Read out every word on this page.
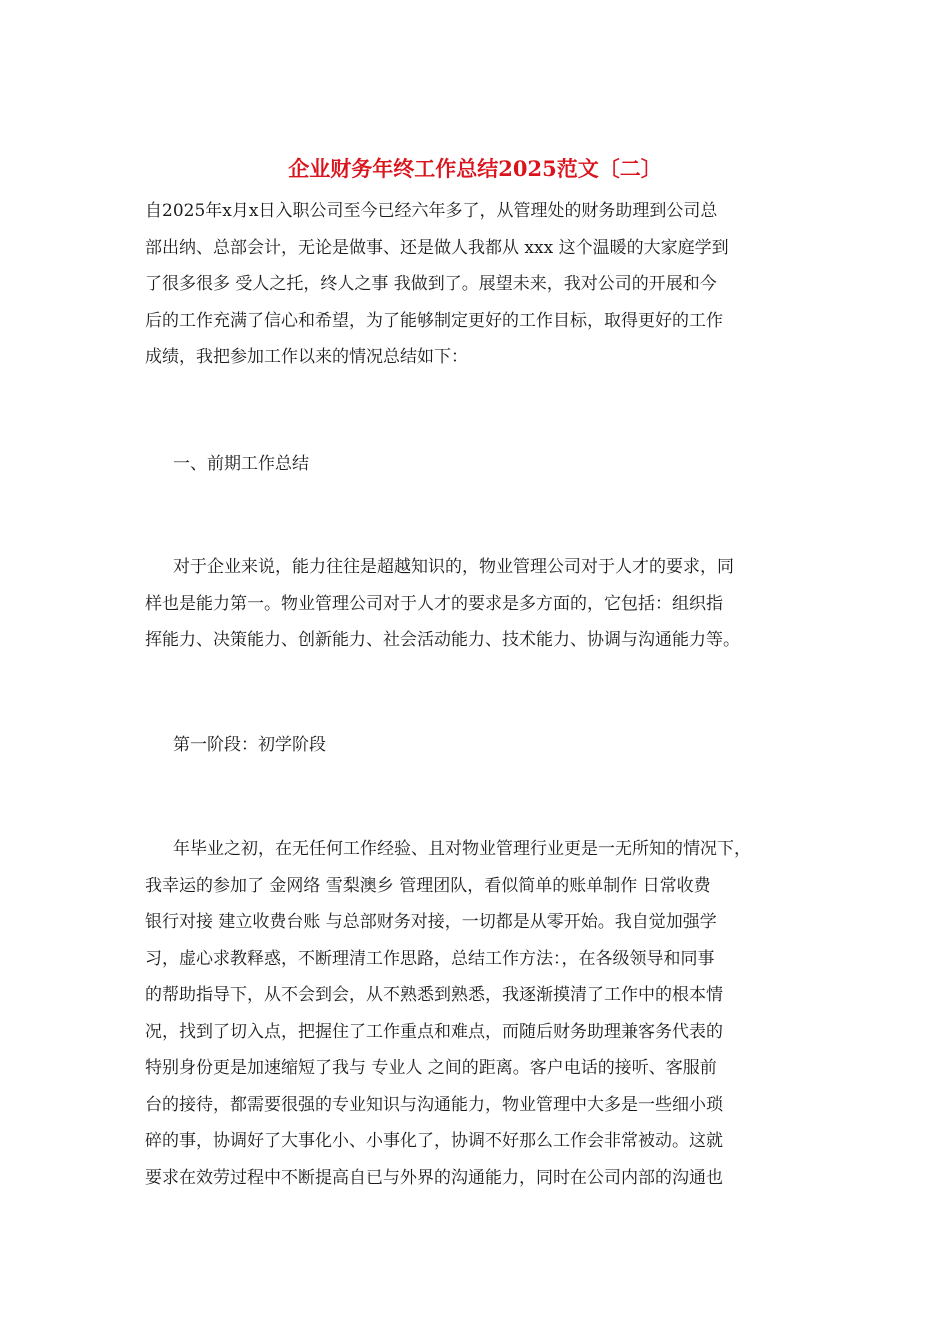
企业财务年终工作总结2025范文〔二〕
自2025年x月x日入职公司至今已经六年多了，从管理处的财务助理到公司总
部出纳、总部会计，无论是做事、还是做人我都从 xxx 这个温暖的大家庭学到
了很多很多 受人之托，终人之事 我做到了。展望未来，我对公司的开展和今
后的工作充满了信心和希望，为了能够制定更好的工作目标，取得更好的工作
成绩，我把参加工作以来的情况总结如下：
一、前期工作总结
对于企业来说，能力往往是超越知识的，物业管理公司对于人才的要求，同
样也是能力第一。物业管理公司对于人才的要求是多方面的，它包括：组织指
挥能力、决策能力、创新能力、社会活动能力、技术能力、协调与沟通能力等。
第一阶段：初学阶段
年毕业之初，在无任何工作经验、且对物业管理行业更是一无所知的情况下，
我幸运的参加了 金网络 雪梨澳乡 管理团队，看似简单的账单制作 日常收费
银行对接 建立收费台账 与总部财务对接，一切都是从零开始。我自觉加强学
习，虚心求教释惑，不断理清工作思路，总结工作方法：，在各级领导和同事
的帮助指导下，从不会到会，从不熟悉到熟悉，我逐渐摸清了工作中的根本情
况，找到了切入点，把握住了工作重点和难点，而随后财务助理兼客务代表的
特别身份更是加速缩短了我与 专业人 之间的距离。客户电话的接听、客服前
台的接待，都需要很强的专业知识与沟通能力，物业管理中大多是一些细小琐
碎的事，协调好了大事化小、小事化了，协调不好那么工作会非常被动。这就
要求在效劳过程中不断提高自已与外界的沟通能力，同时在公司内部的沟通也
